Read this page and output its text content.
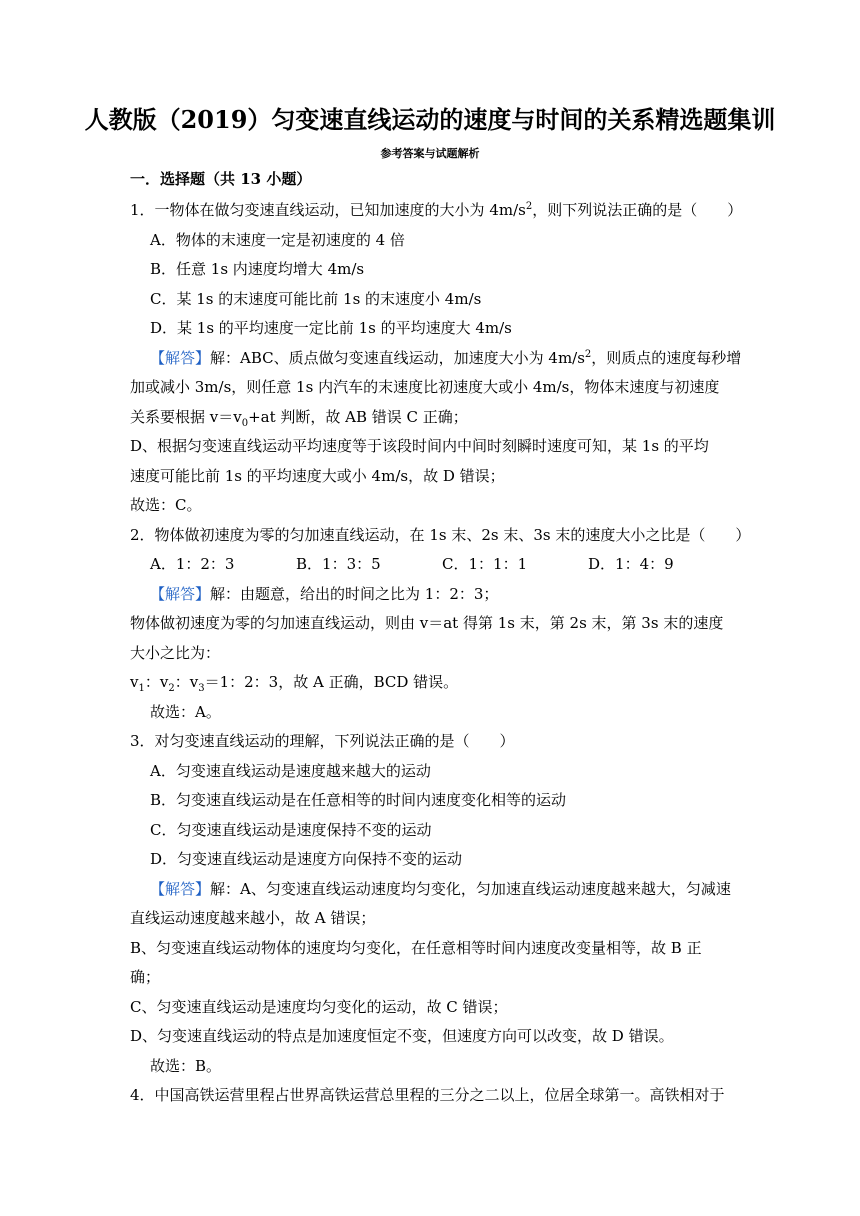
人教版（2019）匀变速直线运动的速度与时间的关系精选题集训
参考答案与试题解析
一．选择题（共 13 小题）
1．一物体在做匀变速直线运动，已知加速度的大小为 $4m/s^2$，则下列说法正确的是（　　）
A．物体的末速度一定是初速度的 4 倍
B．任意 1s 内速度均增大 4m/s
C．某 1s 的末速度可能比前 1s 的末速度小 4m/s
D．某 1s 的平均速度一定比前 1s 的平均速度大 4m/s
【解答】解：ABC、质点做匀变速直线运动，加速度大小为 $4m/s^2$，则质点的速度每秒增
加或减小 3m/s，则任意 1s 内汽车的末速度比初速度大或小 4m/s，物体末速度与初速度
关系要根据 $v=v_0+at$ 判断，故 AB 错误 C 正确；
D、根据匀变速直线运动平均速度等于该段时间内中间时刻瞬时速度可知，某 1s 的平均
速度可能比前 1s 的平均速度大或小 4m/s，故 D 错误；
故选：C。
2．物体做初速度为零的匀加速直线运动，在 1s 末、2s 末、3s 末的速度大小之比是（　　）
A．1：2：3	B．1：3：5	C．1：1：1	D．1：4：9
【解答】解：由题意，给出的时间之比为 1：2：3；
物体做初速度为零的匀加速直线运动，则由 v＝at 得第 1s 末，第 2s 末，第 3s 末的速度
大小之比为：
$v_1$：$v_2$：$v_3=1$：2：3，故 A 正确，BCD 错误。
故选：A。
3．对匀变速直线运动的理解，下列说法正确的是（　　）
A．匀变速直线运动是速度越来越大的运动
B．匀变速直线运动是在任意相等的时间内速度变化相等的运动
C．匀变速直线运动是速度保持不变的运动
D．匀变速直线运动是速度方向保持不变的运动
【解答】解：A、匀变速直线运动速度均匀变化，匀加速直线运动速度越来越大，匀减速
直线运动速度越来越小，故 A 错误；
B、匀变速直线运动物体的速度均匀变化，在任意相等时间内速度改变量相等，故 B 正
确；
C、匀变速直线运动是速度均匀变化的运动，故 C 错误；
D、匀变速直线运动的特点是加速度恒定不变，但速度方向可以改变，故 D 错误。
故选：B。
4．中国高铁运营里程占世界高铁运营总里程的三分之二以上，位居全球第一。高铁相对于
